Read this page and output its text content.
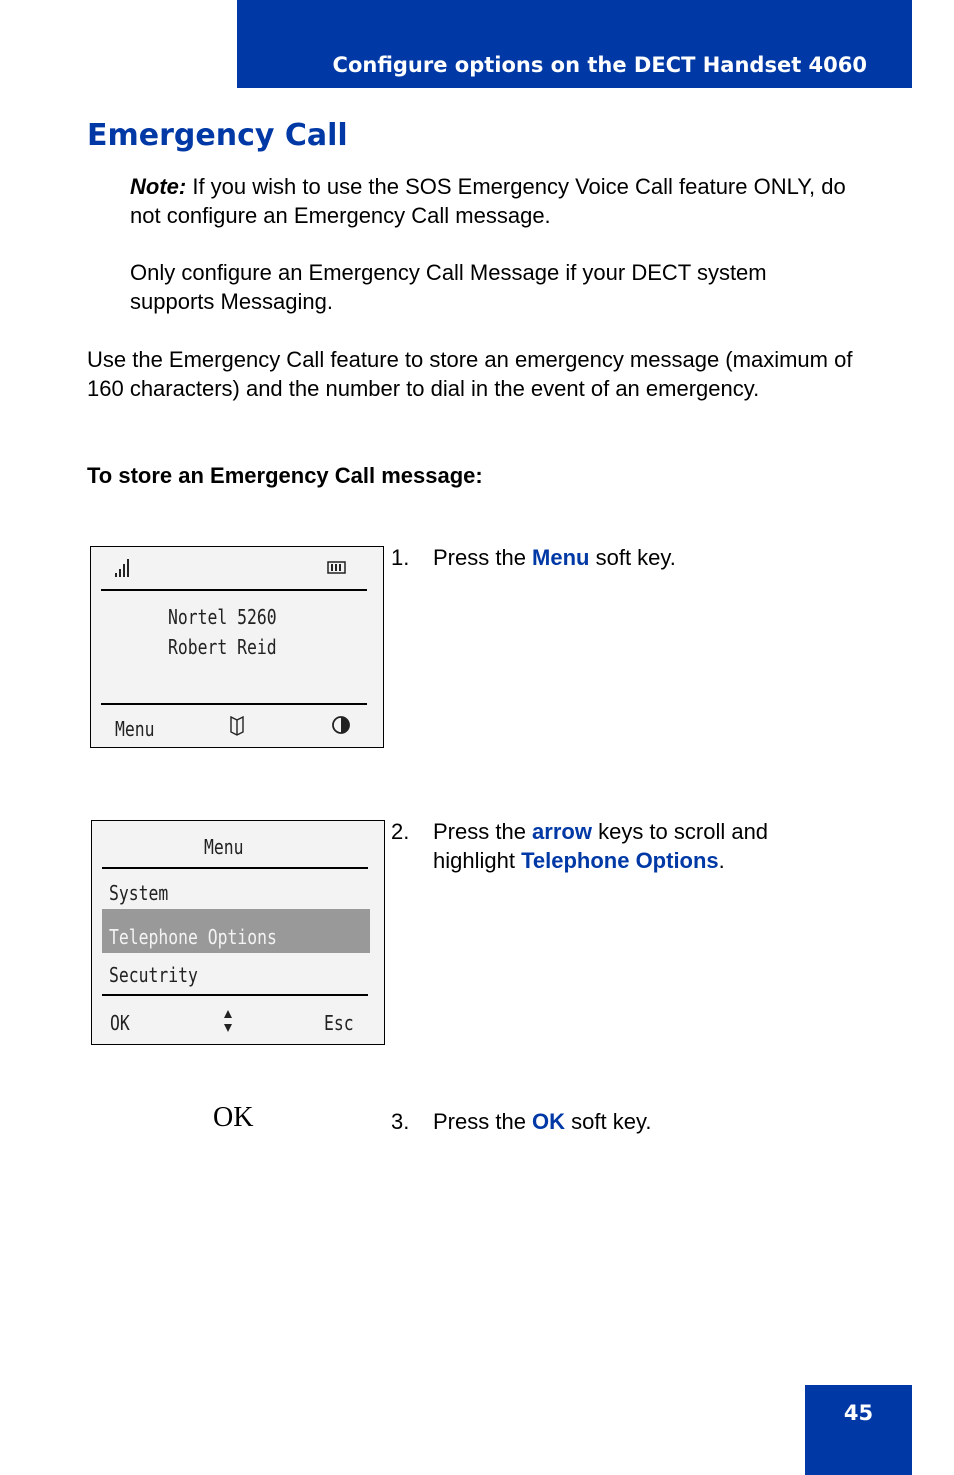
Configure options on the DECT Handset 4060
Emergency Call

Note: If you wish to use the SOS Emergency Voice Call feature ONLY, do not configure an Emergency Call message.

Only configure an Emergency Call Message if your DECT system supports Messaging.

Use the Emergency Call feature to store an emergency message (maximum of 160 characters) and the number to dial in the event of an emergency.

To store an Emergency Call message:

Nortel 5260
Robert Reid
Menu
1. Press the Menu soft key.
Menu
System
Telephone Options
Secutrity
OK	Esc
2. Press the arrow keys to scroll and highlight Telephone Options.
OK	3. Press the OK soft key.
45
